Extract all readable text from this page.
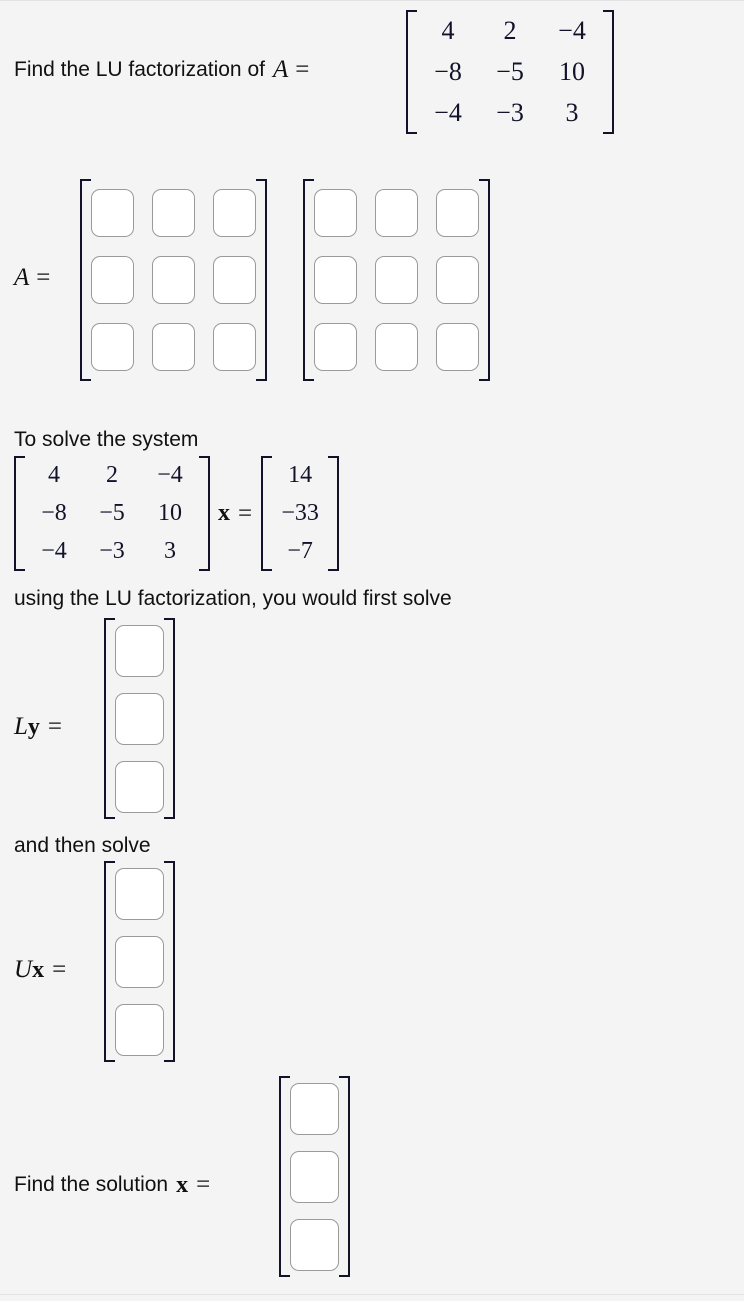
Find the LU factorization of A =
4	2	−4
−8	−5	10
−4	−3	3
A =
To solve the system
4	2	−4
−8	−5	10
−4	−3	3
x =
14
−33
−7
using the LU factorization, you would first solve
L y =
and then solve
U x =
Find the solution x =
